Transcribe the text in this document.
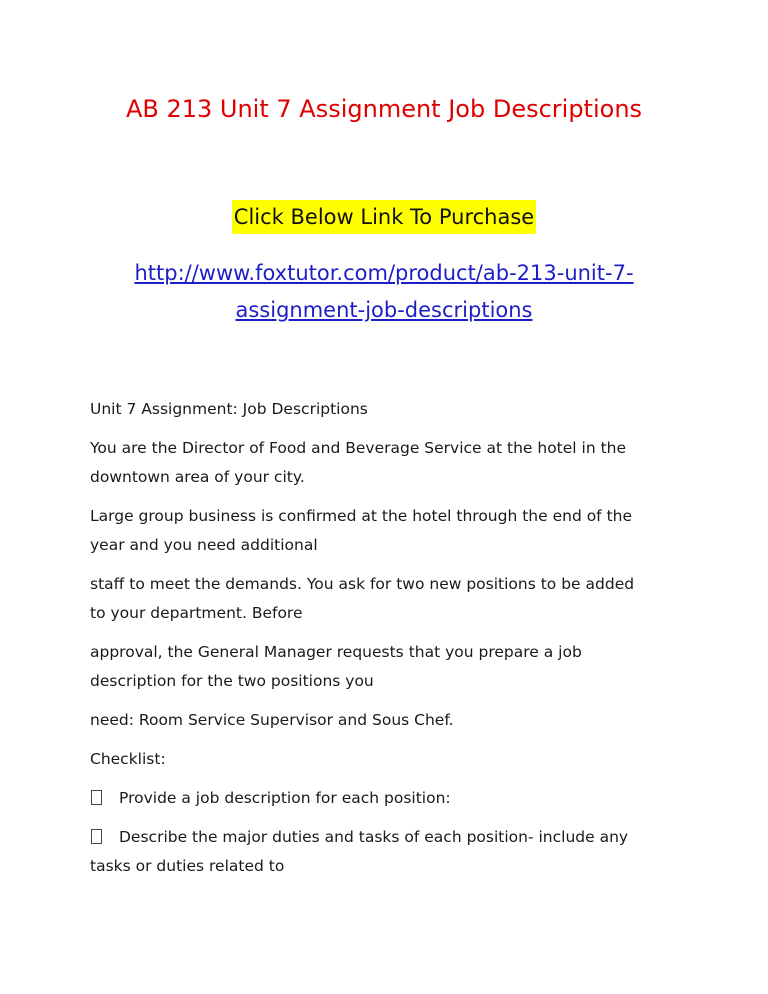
AB 213 Unit 7 Assignment Job Descriptions
Click Below Link To Purchase
http://www.foxtutor.com/product/ab-213-unit-7-
assignment-job-descriptions

Unit 7 Assignment: Job Descriptions

You are the Director of Food and Beverage Service at the hotel in the

downtown area of your city.

Large group business is confirmed at the hotel through the end of the

year and you need additional

staff to meet the demands. You ask for two new positions to be added

to your department. Before

approval, the General Manager requests that you prepare a job

description for the two positions you

need: Room Service Supervisor and Sous Chef.

Checklist:

Provide a job description for each position:

Describe the major duties and tasks of each position- include any

tasks or duties related to
